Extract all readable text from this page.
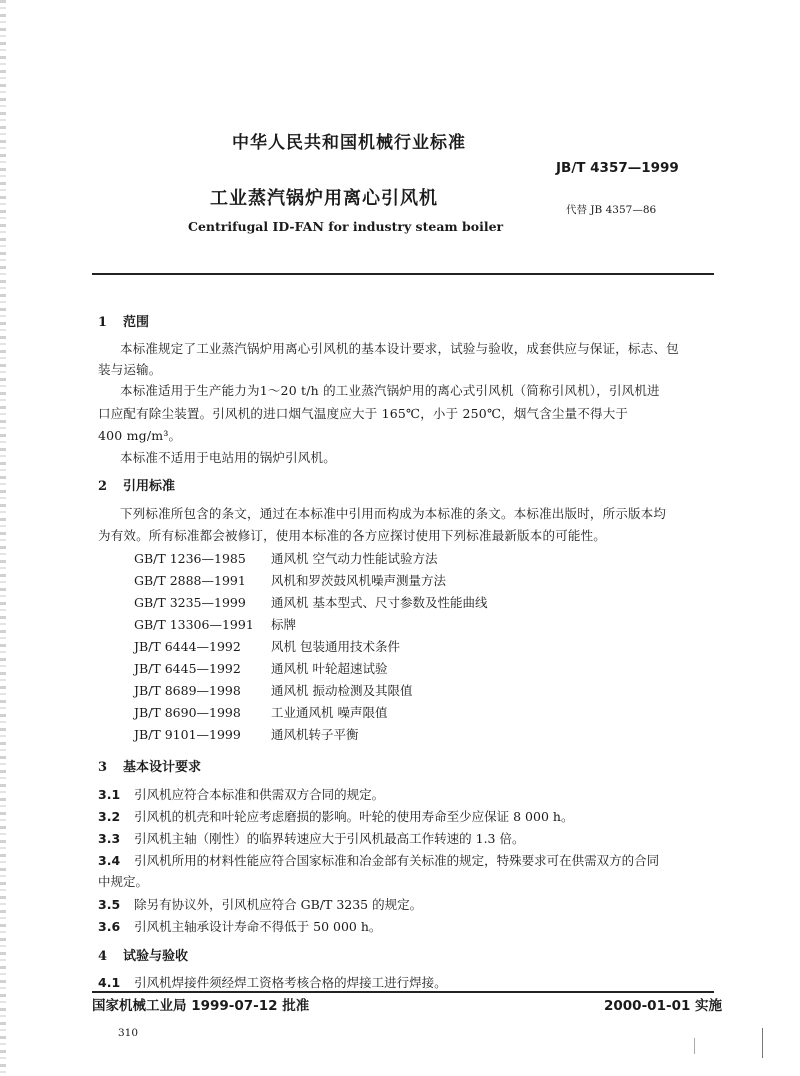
中华人民共和国机械行业标准
JB/T 4357—1999
工业蒸汽锅炉用离心引风机
代替 JB 4357—86
Centrifugal ID-FAN for industry steam boiler
1 范围
本标准规定了工业蒸汽锅炉用离心引风机的基本设计要求，试验与验收，成套供应与保证，标志、包
装与运输。
本标准适用于生产能力为1～20 t/h 的工业蒸汽锅炉用的离心式引风机（简称引风机），引风机进
口应配有除尘装置。引风机的进口烟气温度应大于 165℃，小于 250℃，烟气含尘量不得大于
400 mg/m³。
本标准不适用于电站用的锅炉引风机。
2 引用标准
下列标准所包含的条文，通过在本标准中引用而构成为本标准的条文。本标准出版时，所示版本均
为有效。所有标准都会被修订，使用本标准的各方应探讨使用下列标准最新版本的可能性。
GB/T 1236—1985 通风机 空气动力性能试验方法
GB/T 2888—1991 风机和罗茨鼓风机噪声测量方法
GB/T 3235—1999 通风机 基本型式、尺寸参数及性能曲线
GB/T 13306—1991 标牌
JB/T 6444—1992 风机 包装通用技术条件
JB/T 6445—1992 通风机 叶轮超速试验
JB/T 8689—1998 通风机 振动检测及其限值
JB/T 8690—1998 工业通风机 噪声限值
JB/T 9101—1999 通风机转子平衡
3 基本设计要求
3.1 引风机应符合本标准和供需双方合同的规定。
3.2 引风机的机壳和叶轮应考虑磨损的影响。叶轮的使用寿命至少应保证 8 000 h。
3.3 引风机主轴（刚性）的临界转速应大于引风机最高工作转速的 1.3 倍。
3.4 引风机所用的材料性能应符合国家标准和冶金部有关标准的规定，特殊要求可在供需双方的合同
中规定。
3.5 除另有协议外，引风机应符合 GB/T 3235 的规定。
3.6 引风机主轴承设计寿命不得低于 50 000 h。
4 试验与验收
4.1 引风机焊接件须经焊工资格考核合格的焊接工进行焊接。
国家机械工业局 1999-07-12 批准	2000-01-01 实施
310
